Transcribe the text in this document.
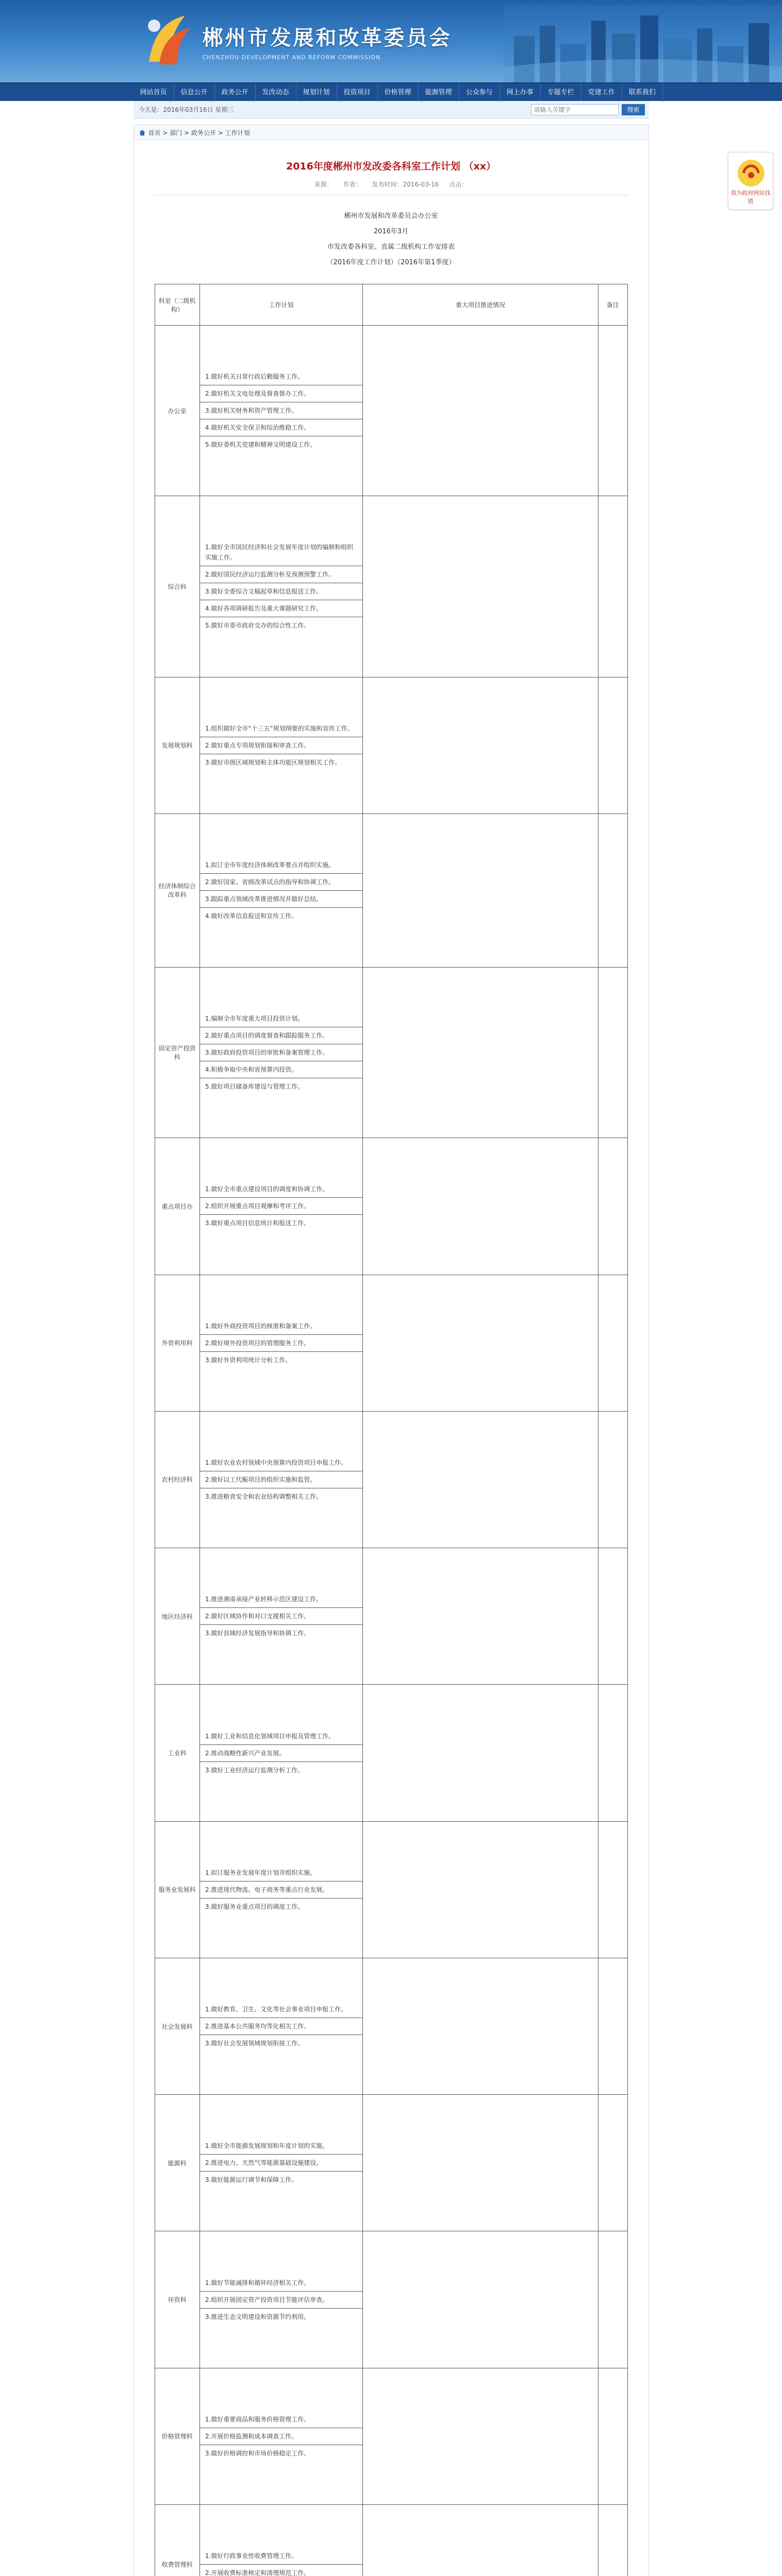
郴州市发展和改革委员会
CHENZHOU DEVELOPMENT AND REFORM COMMISSION
网站首页	信息公开	政务公开	发改动态	规划计划	投资项目	价格管理	能源管理	公众参与	网上办事	专题专栏	党建工作	联系我们
今天是：2016年03月16日 星期三
请输入关键字	搜索
首页 > 部门 > 政务公开 > 工作计划
2016年度郴州市发改委各科室工作计划 （xx）
来源： 作者： 发布时间：2016-03-16 点击：

郴州市发展和改革委员会办公室

2016年3月

市发改委各科室、直属二级机构工作安排表

（2016年度工作计划）（2016年第1季度）

科室（二级机构）	工作计划	重大项目推进情况	备注
办公室	1.做好机关日常行政后勤服务工作。
2.做好机关文电处理及督查督办工作。
3.做好机关财务和资产管理工作。
4.做好机关安全保卫和综治维稳工作。
5.做好委机关党建和精神文明建设工作。		

综合科	1.做好全市国民经济和社会发展年度计划的编制和组织实施工作。
2.做好国民经济运行监测分析及预测预警工作。
3.做好全委综合文稿起草和信息报送工作。
4.做好各项调研报告及重大课题研究工作。
5.做好市委市政府交办的综合性工作。		

发展规划科	1.组织做好全市“十三五”规划纲要的实施和宣传工作。
2.做好重点专项规划衔接和审查工作。
3.做好市级区域规划和主体功能区规划相关工作。		

经济体制综合改革科	1.拟订全市年度经济体制改革要点并组织实施。
2.做好国家、省级改革试点的指导和协调工作。
3.跟踪重点领域改革推进情况并做好总结。
4.做好改革信息报送和宣传工作。		

固定资产投资科	1.编制全市年度重大项目投资计划。
2.做好重点项目的调度督查和跟踪服务工作。
3.做好政府投资项目的审批和备案管理工作。
4.积极争取中央和省预算内投资。
5.做好项目储备库建设与管理工作。		

重点项目办	1.做好全市重点建设项目的调度和协调工作。
2.组织开展重点项目观摩和考评工作。
3.做好重点项目信息统计和报送工作。		

外资利用科	1.做好外商投资项目的核准和备案工作。
2.做好境外投资项目的管理服务工作。
3.做好外资利用统计分析工作。		

农村经济科	1.做好农业农村领域中央预算内投资项目申报工作。
2.做好以工代赈项目的组织实施和监管。
3.推进粮食安全和农业结构调整相关工作。		

地区经济科	1.推进湘南承接产业转移示范区建设工作。
2.做好区域协作和对口支援相关工作。
3.做好县域经济发展指导和协调工作。		

工业科	1.做好工业和信息化领域项目申报及管理工作。
2.推动战略性新兴产业发展。
3.做好工业经济运行监测分析工作。		

服务业发展科	1.拟订服务业发展年度计划并组织实施。
2.推进现代物流、电子商务等重点行业发展。
3.做好服务业重点项目的调度工作。		

社会发展科	1.做好教育、卫生、文化等社会事业项目申报工作。
2.推进基本公共服务均等化相关工作。
3.做好社会发展领域规划衔接工作。		

能源科	1.做好全市能源发展规划和年度计划的实施。
2.推进电力、天然气等能源基础设施建设。
3.做好能源运行调节和保障工作。		

环资科	1.做好节能减排和循环经济相关工作。
2.组织开展固定资产投资项目节能评估审查。
3.推进生态文明建设和资源节约利用。		

价格管理科	1.做好重要商品和服务价格管理工作。
2.开展价格监测和成本调查工作。
3.做好价格调控和市场价格稳定工作。		

收费管理科	1.做好行政事业性收费管理工作。
2.开展收费标准核定和清理规范工作。		

我为政府网站找错
